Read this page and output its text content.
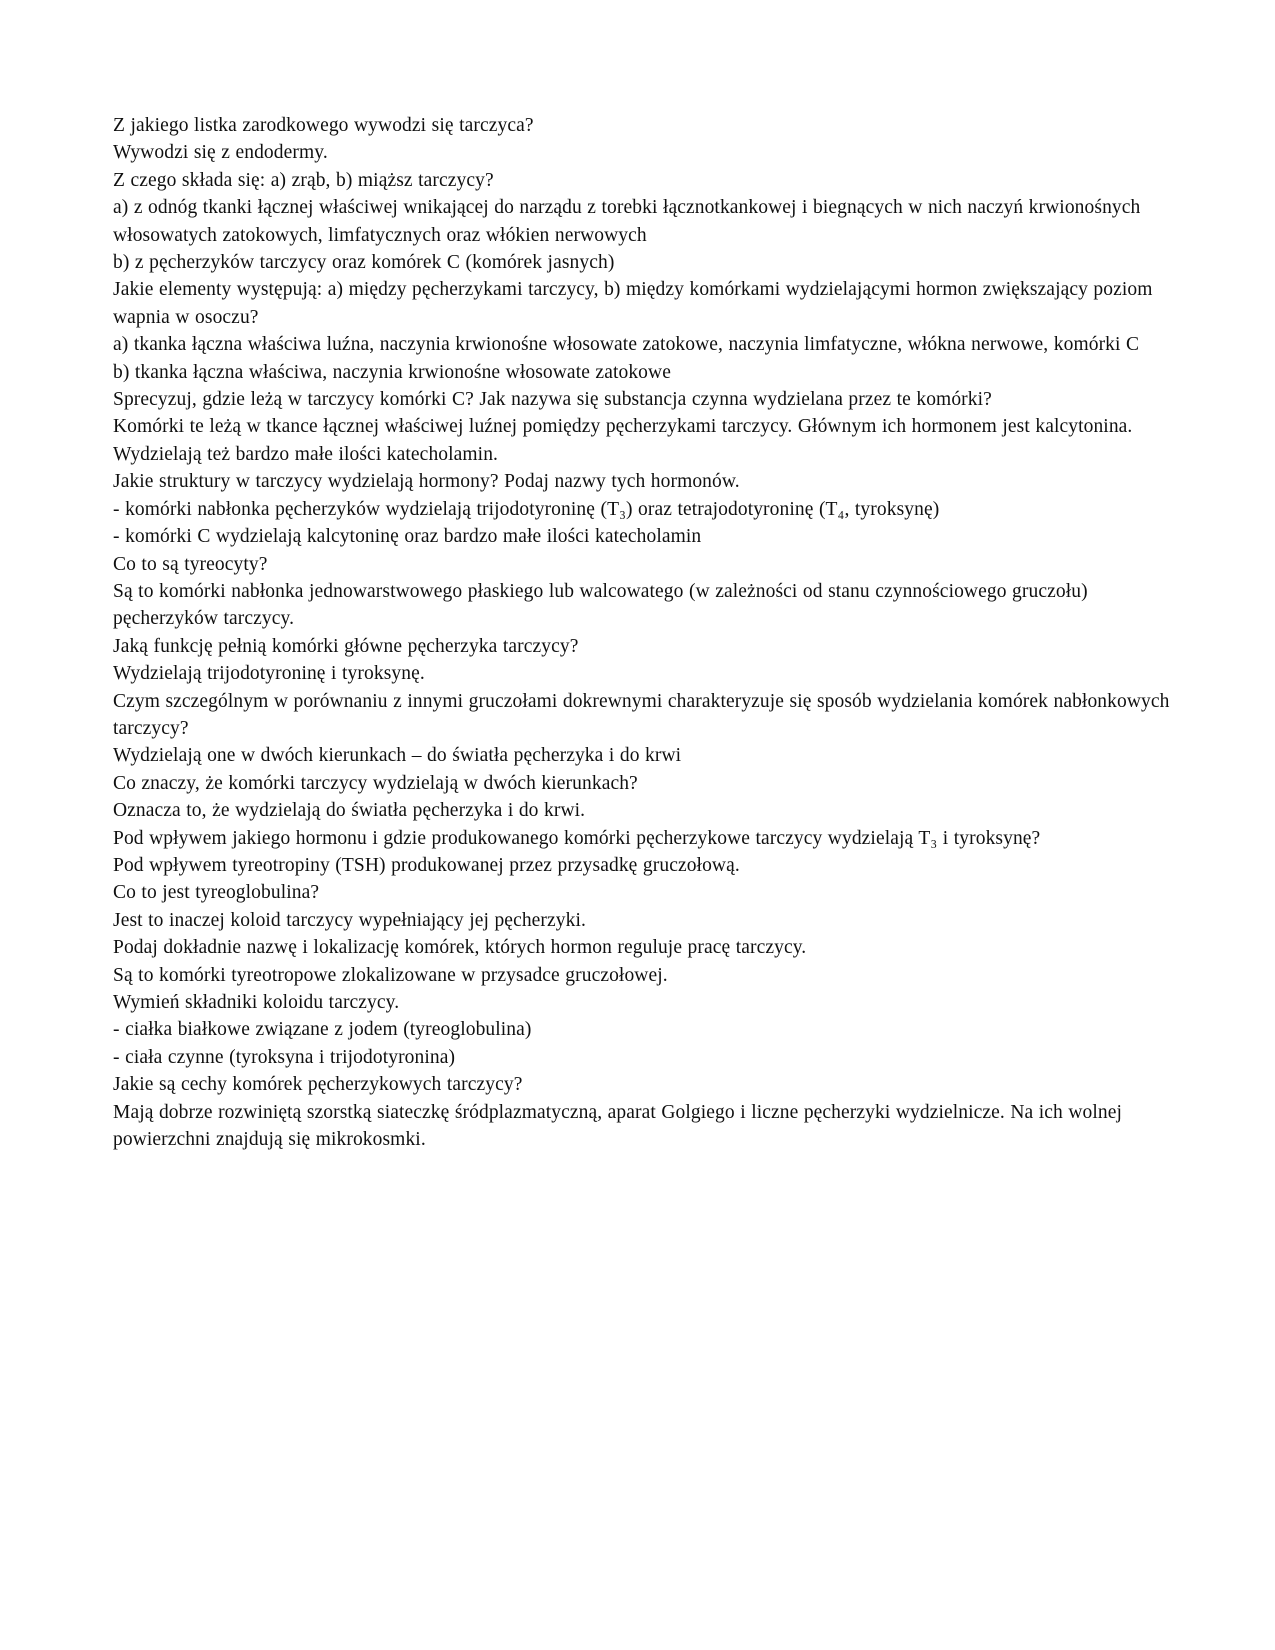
Z jakiego listka zarodkowego wywodzi się tarczyca?

Wywodzi się z endodermy.

Z czego składa się: a) zrąb, b) miąższ tarczycy?

a) z odnóg tkanki łącznej właściwej wnikającej do narządu z torebki łącznotkankowej i biegnących w nich naczyń krwionośnych włosowatych zatokowych, limfatycznych oraz włókien nerwowych

b) z pęcherzyków tarczycy oraz komórek C (komórek jasnych)

Jakie elementy występują: a) między pęcherzykami tarczycy, b) między komórkami wydzielającymi hormon zwiększający poziom wapnia w osoczu?

a) tkanka łączna właściwa luźna, naczynia krwionośne włosowate zatokowe, naczynia limfatyczne, włókna nerwowe, komórki C

b) tkanka łączna właściwa, naczynia krwionośne włosowate zatokowe

Sprecyzuj, gdzie leżą w tarczycy komórki C? Jak nazywa się substancja czynna wydzielana przez te komórki?

Komórki te leżą w tkance łącznej właściwej luźnej pomiędzy pęcherzykami tarczycy. Głównym ich hormonem jest kalcytonina. Wydzielają też bardzo małe ilości katecholamin.

Jakie struktury w tarczycy wydzielają hormony? Podaj nazwy tych hormonów.

- komórki nabłonka pęcherzyków wydzielają trijodotyroninę (T₃) oraz tetrajodotyroninę (T₄, tyroksynę)

- komórki C wydzielają kalcytoninę oraz bardzo małe ilości katecholamin

Co to są tyreocyty?

Są to komórki nabłonka jednowarstwowego płaskiego lub walcowatego (w zależności od stanu czynnościowego gruczołu) pęcherzyków tarczycy.

Jaką funkcję pełnią komórki główne pęcherzyka tarczycy?

Wydzielają trijodotyroninę i tyroksynę.

Czym szczególnym w porównaniu z innymi gruczołami dokrewnymi charakteryzuje się sposób wydzielania komórek nabłonkowych tarczycy?

Wydzielają one w dwóch kierunkach – do światła pęcherzyka i do krwi

Co znaczy, że komórki tarczycy wydzielają w dwóch kierunkach?

Oznacza to, że wydzielają do światła pęcherzyka i do krwi.

Pod wpływem jakiego hormonu i gdzie produkowanego komórki pęcherzykowe tarczycy wydzielają T₃ i tyroksynę?

Pod wpływem tyreotropiny (TSH) produkowanej przez przysadkę gruczołową.

Co to jest tyreoglobulina?

Jest to inaczej koloid tarczycy wypełniający jej pęcherzyki.

Podaj dokładnie nazwę i lokalizację komórek, których hormon reguluje pracę tarczycy.

Są to komórki tyreotropowe zlokalizowane w przysadce gruczołowej.

Wymień składniki koloidu tarczycy.

- ciałka białkowe związane z jodem (tyreoglobulina)

- ciała czynne (tyroksyna i trijodotyronina)

Jakie są cechy komórek pęcherzykowych tarczycy?

Mają dobrze rozwiniętą szorstką siateczkę śródplazmatyczną, aparat Golgiego i liczne pęcherzyki wydzielnicze. Na ich wolnej powierzchni znajdują się mikrokosmki.
